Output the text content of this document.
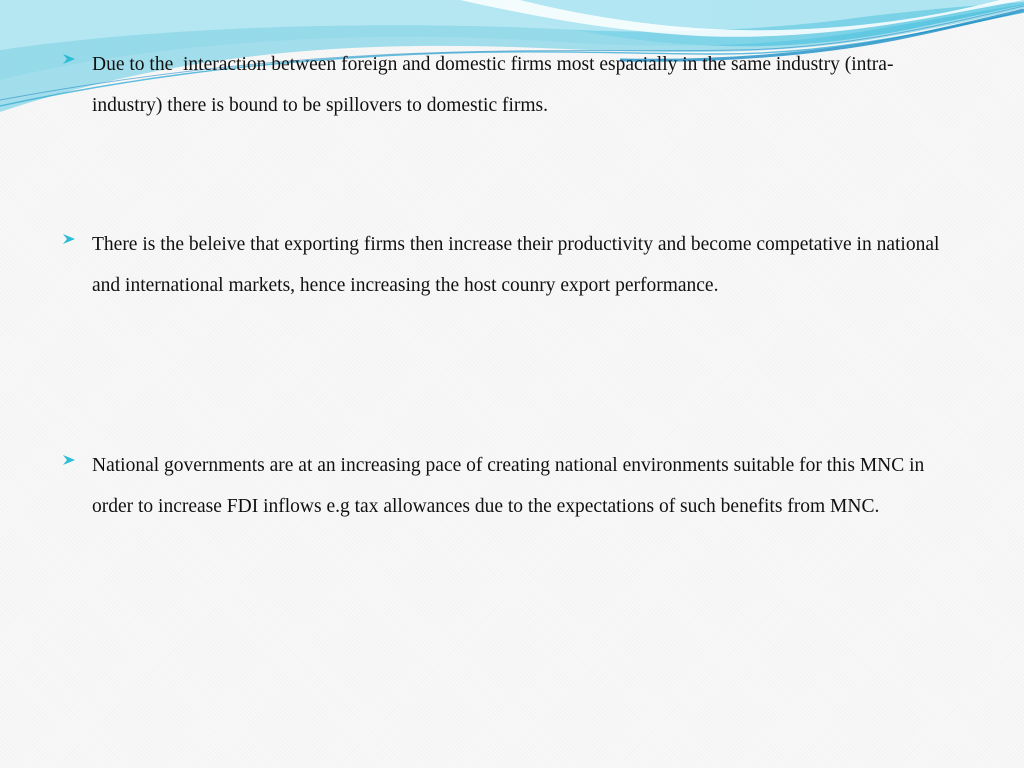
Due to the  interaction between foreign and domestic firms most espacially in the same industry (intra-industry) there is bound to be spillovers to domestic firms.
There is the beleive that exporting firms then increase their productivity and become competative in national and international markets, hence increasing the host counry export performance.
National governments are at an increasing pace of creating national environments suitable for this MNC in order to increase FDI inflows e.g tax allowances due to the expectations of such benefits from MNC.
